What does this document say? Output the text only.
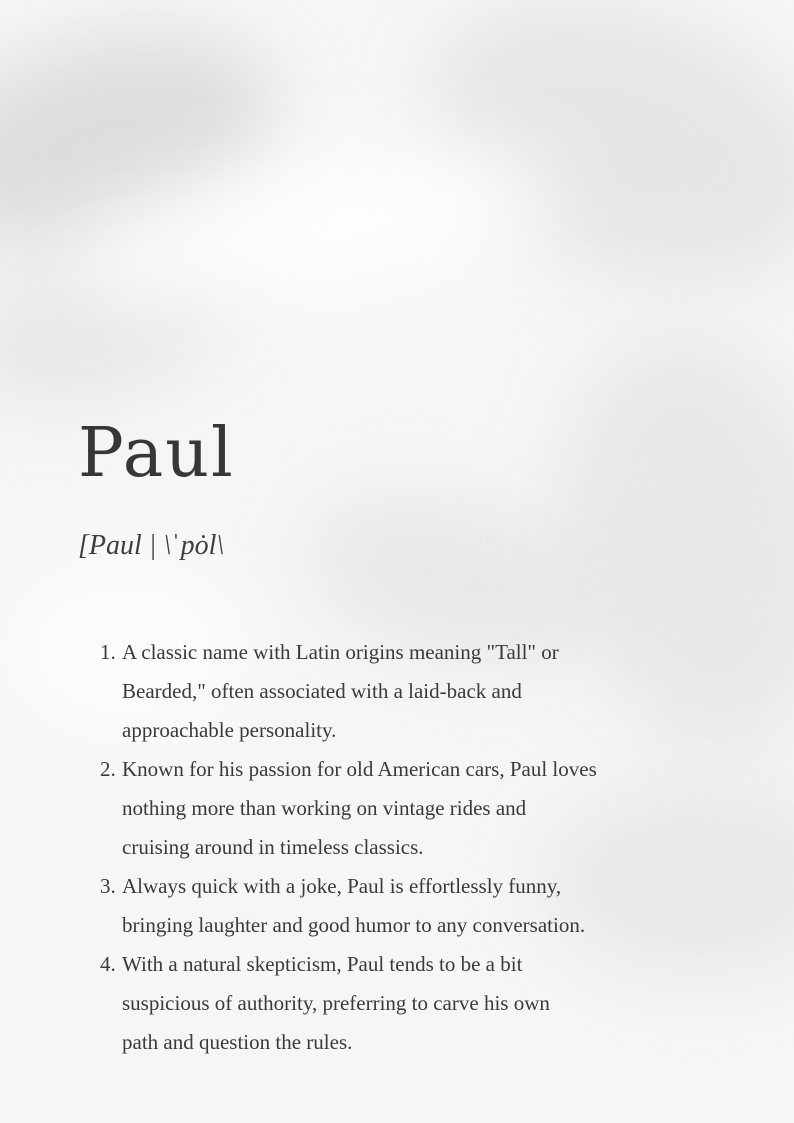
Paul

[Paul | \ˈpȯl\

1. A classic name with Latin origins meaning "Tall" or
Bearded," often associated with a laid-back and
approachable personality.
2. Known for his passion for old American cars, Paul loves
nothing more than working on vintage rides and
cruising around in timeless classics.
3. Always quick with a joke, Paul is effortlessly funny,
bringing laughter and good humor to any conversation.
4. With a natural skepticism, Paul tends to be a bit
suspicious of authority, preferring to carve his own
path and question the rules.
